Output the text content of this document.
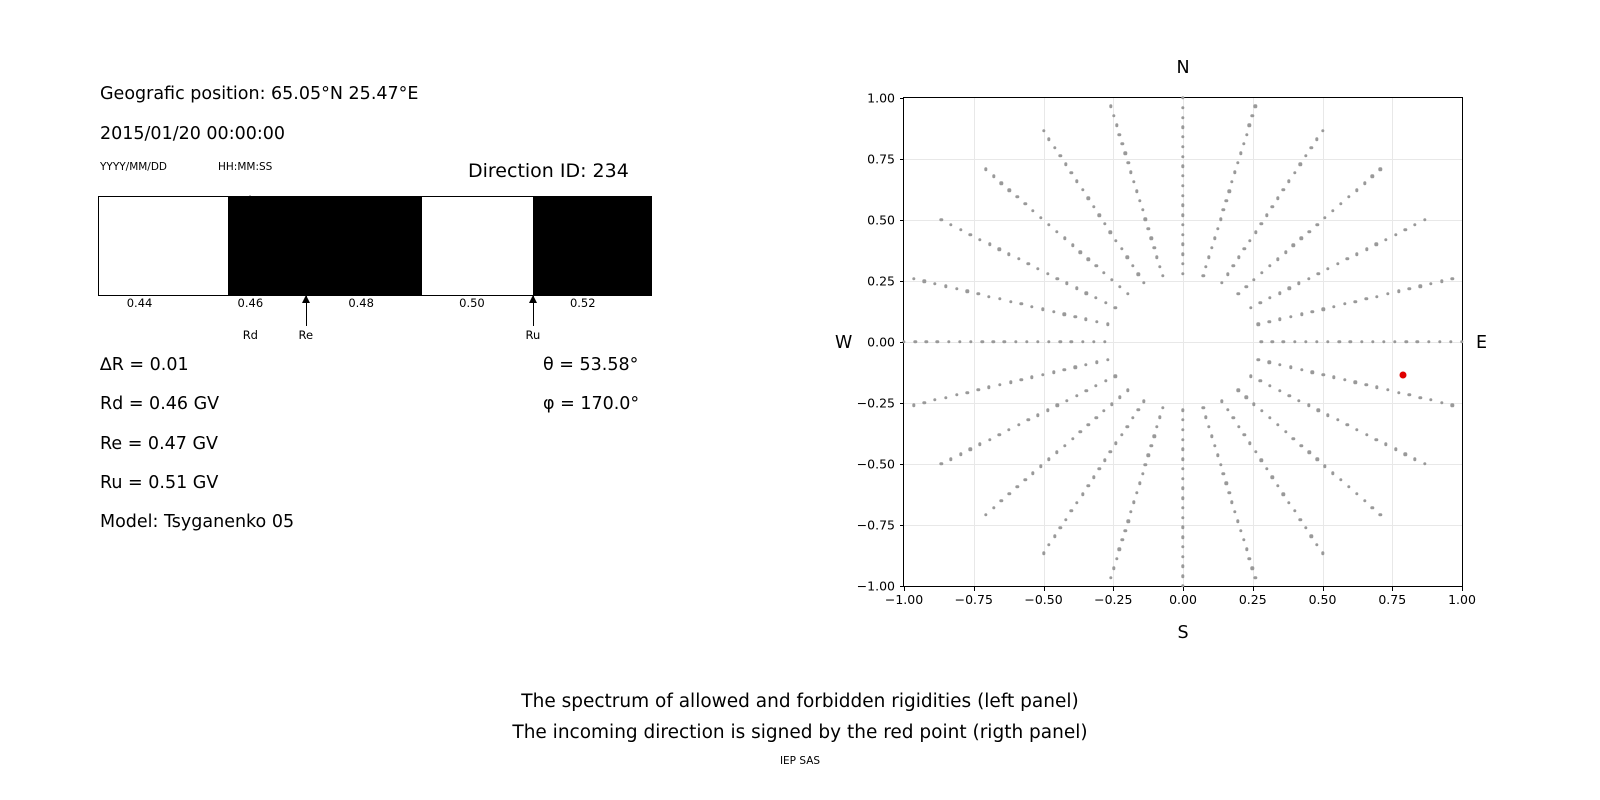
Geografic position: 65.05°N 25.47°E
2015/01/20 00:00:00
YYYY/MM/DD	HH:MM:SS	Direction ID: 234
0.44	0.46	0.48	0.50	0.52
Rd	Re	Ru
∆R = 0.01
Rd = 0.46 GV
Re = 0.47 GV
Ru = 0.51 GV
Model: Tsyganenko 05
θ = 53.58°
φ = 170.0°
N
S
W	E
−1.00	−0.75	−0.50	−0.25	0.00	0.25	0.50	0.75	1.00
−1.00
−0.75
−0.50
−0.25
0.00
0.25
0.50
0.75
1.00
The spectrum of allowed and forbidden rigidities (left panel)
The incoming direction is signed by the red point (rigth panel)
IEP SAS
